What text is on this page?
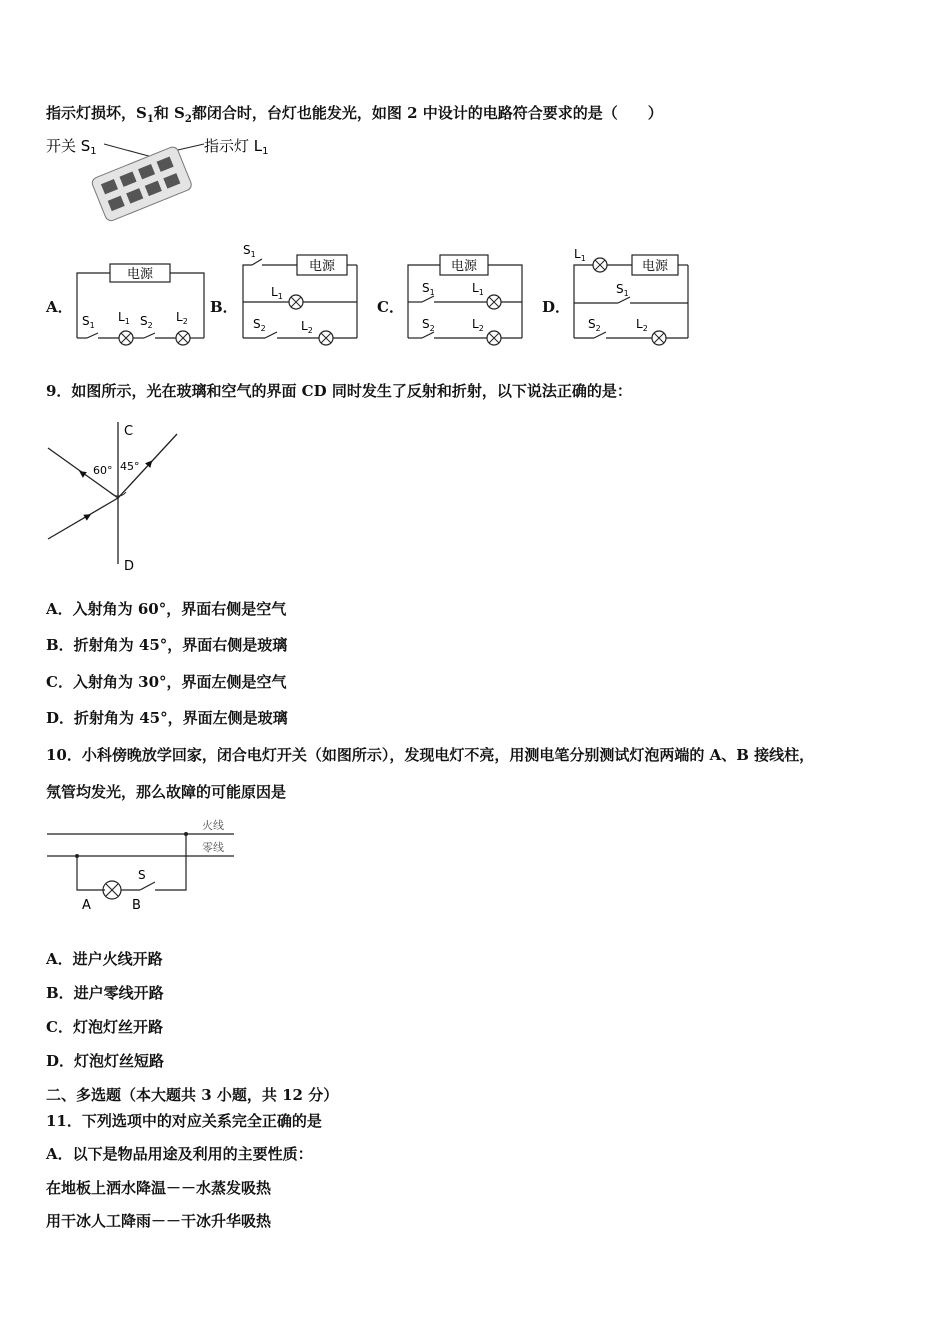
指示灯损坏，$S_1$和 $S_2$都闭合时，台灯也能发光，如图 2 中设计的电路符合要求的是（　　）
开关 $S_1$	指示灯 $L_1$
A．	B．	C．	D．
电源
$S_1$
$L_1$ $S_2$
$L_2$
电源
$S_1$
$L_1$
$S_2$	$L_2$
电源
$S_1$	$L_1$
$S_2$	$L_2$
电源
$L_1$
$S_1$
$S_2$	$L_2$
9．如图所示，光在玻璃和空气的界面 CD 同时发生了反射和折射，以下说法正确的是：
C
D
60° 45°
A．入射角为 60°，界面右侧是空气
B．折射角为 45°，界面右侧是玻璃
C．入射角为 30°，界面左侧是空气
D．折射角为 45°，界面左侧是玻璃
10．小科傍晚放学回家，闭合电灯开关（如图所示），发现电灯不亮，用测电笔分别测试灯泡两端的 A、B 接线柱，
氖管均发光，那么故障的可能原因是
火线
零线
A	B
S
A．进户火线开路
B．进户零线开路
C．灯泡灯丝开路
D．灯泡灯丝短路
二、多选题（本大题共 3 小题，共 12 分）
11．下列选项中的对应关系完全正确的是
A．以下是物品用途及利用的主要性质：
在地板上洒水降温－－水蒸发吸热
用干冰人工降雨－－干冰升华吸热
